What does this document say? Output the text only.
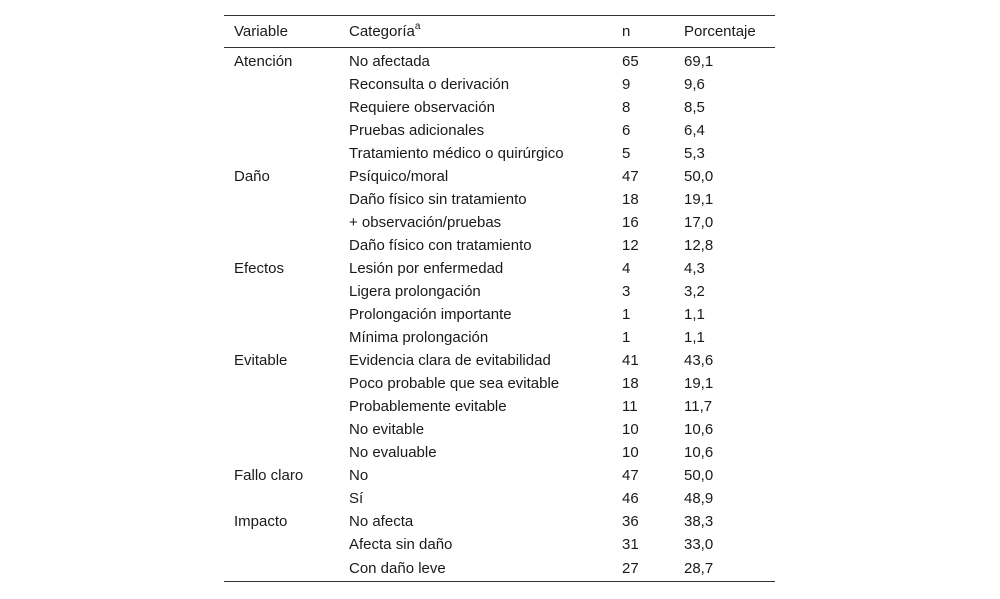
Variable	Categoría$^a$	n	Porcentaje
Atención	No afectada	65	69,1
	Reconsulta o derivación	9	9,6
	Requiere observación	8	8,5
	Pruebas adicionales	6	6,4
	Tratamiento médico o quirúrgico	5	5,3
Daño	Psíquico/moral	47	50,0
	Daño físico sin tratamiento	18	19,1
	+ observación/pruebas	16	17,0
	Daño físico con tratamiento	12	12,8
Efectos	Lesión por enfermedad	4	4,3
	Ligera prolongación	3	3,2
	Prolongación importante	1	1,1
	Mínima prolongación	1	1,1
Evitable	Evidencia clara de evitabilidad	41	43,6
	Poco probable que sea evitable	18	19,1
	Probablemente evitable	11	11,7
	No evitable	10	10,6
	No evaluable	10	10,6
Fallo claro	No	47	50,0
	Sí	46	48,9
Impacto	No afecta	36	38,3
	Afecta sin daño	31	33,0
	Con daño leve	27	28,7
